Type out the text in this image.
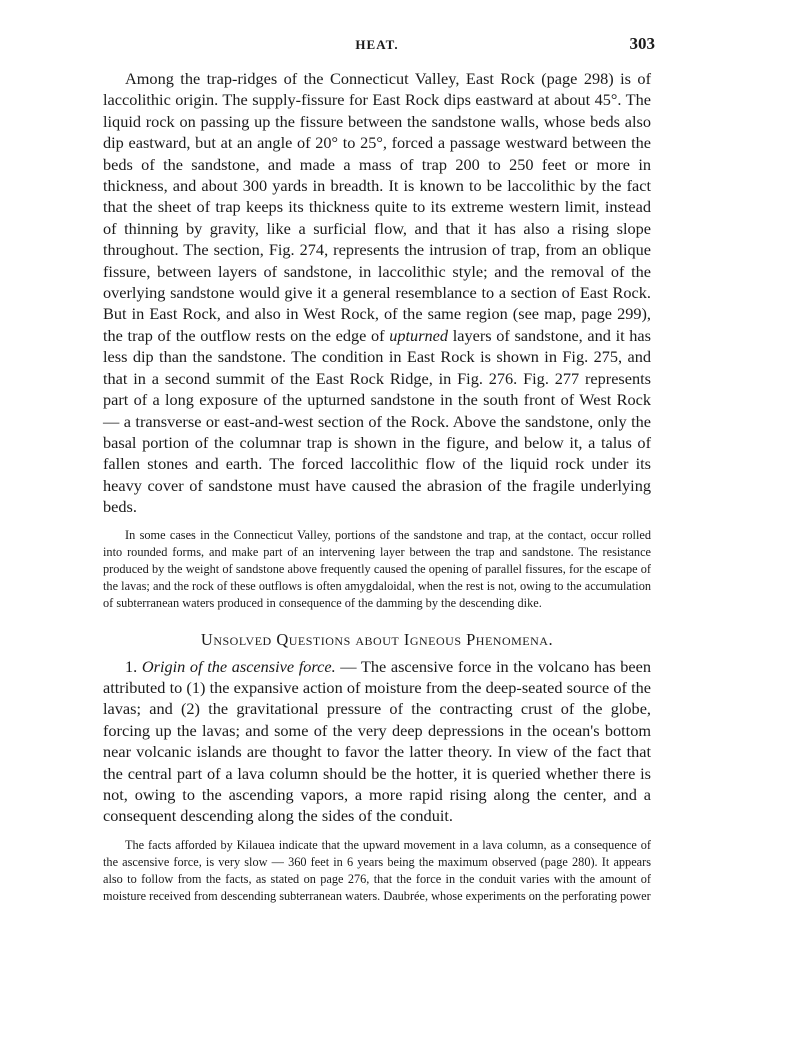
HEAT.	303

Among the trap-ridges of the Connecticut Valley, East Rock (page 298) is of laccolithic origin. The supply-fissure for East Rock dips eastward at about 45°. The liquid rock on passing up the fissure between the sandstone walls, whose beds also dip eastward, but at an angle of 20° to 25°, forced a passage westward between the beds of the sandstone, and made a mass of trap 200 to 250 feet or more in thickness, and about 300 yards in breadth. It is known to be laccolithic by the fact that the sheet of trap keeps its thickness quite to its extreme western limit, instead of thinning by gravity, like a surficial flow, and that it has also a rising slope throughout. The section, Fig. 274, represents the intrusion of trap, from an oblique fissure, between layers of sandstone, in laccolithic style; and the removal of the overlying sandstone would give it a general resemblance to a section of East Rock. But in East Rock, and also in West Rock, of the same region (see map, page 299), the trap of the outflow rests on the edge of upturned layers of sandstone, and it has less dip than the sandstone. The condition in East Rock is shown in Fig. 275, and that in a second summit of the East Rock Ridge, in Fig. 276. Fig. 277 represents part of a long exposure of the upturned sandstone in the south front of West Rock — a transverse or east-and-west section of the Rock. Above the sandstone, only the basal portion of the columnar trap is shown in the figure, and below it, a talus of fallen stones and earth. The forced laccolithic flow of the liquid rock under its heavy cover of sandstone must have caused the abrasion of the fragile underlying beds.

In some cases in the Connecticut Valley, portions of the sandstone and trap, at the contact, occur rolled into rounded forms, and make part of an intervening layer between the trap and sandstone. The resistance produced by the weight of sandstone above frequently caused the opening of parallel fissures, for the escape of the lavas; and the rock of these outflows is often amygdaloidal, when the rest is not, owing to the accumulation of subterranean waters produced in consequence of the damming by the descending dike.

Unsolved Questions about Igneous Phenomena.

1. Origin of the ascensive force. — The ascensive force in the volcano has been attributed to (1) the expansive action of moisture from the deep-seated source of the lavas; and (2) the gravitational pressure of the contracting crust of the globe, forcing up the lavas; and some of the very deep depressions in the ocean's bottom near volcanic islands are thought to favor the latter theory. In view of the fact that the central part of a lava column should be the hotter, it is queried whether there is not, owing to the ascending vapors, a more rapid rising along the center, and a consequent descending along the sides of the conduit.

The facts afforded by Kilauea indicate that the upward movement in a lava column, as a consequence of the ascensive force, is very slow — 360 feet in 6 years being the maximum observed (page 280). It appears also to follow from the facts, as stated on page 276, that the force in the conduit varies with the amount of moisture received from descending subterranean waters. Daubrée, whose experiments on the perforating power
